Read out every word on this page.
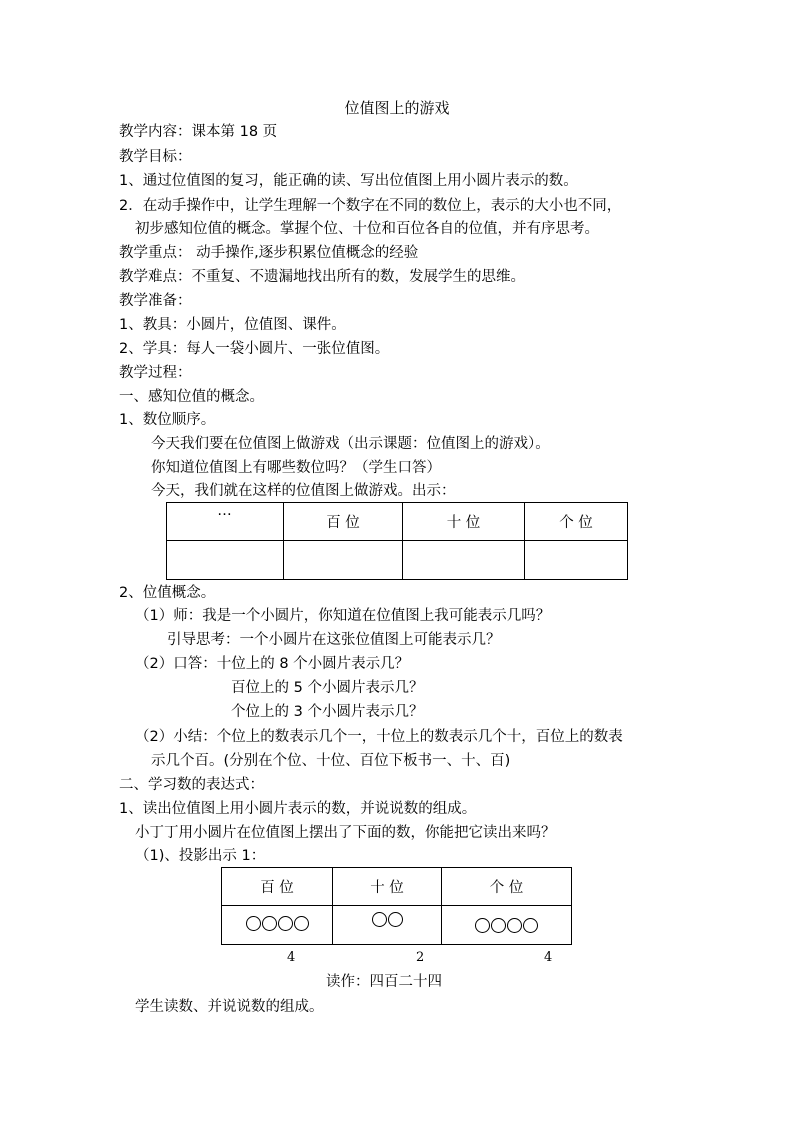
位值图上的游戏
教学内容：课本第 18 页
教学目标：
1、通过位值图的复习，能正确的读、写出位值图上用小圆片表示的数。
2．在动手操作中，让学生理解一个数字在不同的数位上，表示的大小也不同，
初步感知位值的概念。掌握个位、十位和百位各自的位值，并有序思考。
教学重点： 动手操作,逐步积累位值概念的经验
教学难点：不重复、不遗漏地找出所有的数，发展学生的思维。
教学准备：
1、教具：小圆片，位值图、课件。
2、学具：每人一袋小圆片、一张位值图。
教学过程：
一、感知位值的概念。
1、数位顺序。
今天我们要在位值图上做游戏（出示课题：位值图上的游戏）。
你知道位值图上有哪些数位吗？（学生口答）
今天，我们就在这样的位值图上做游戏。出示：
…	百 位	十 位	个 位

2、位值概念。
（1）师：我是一个小圆片，你知道在位值图上我可能表示几吗？
引导思考：一个小圆片在这张位值图上可能表示几？
（2）口答：十位上的 8 个小圆片表示几？
百位上的 5 个小圆片表示几？
个位上的 3 个小圆片表示几？
（2）小结：个位上的数表示几个一，十位上的数表示几个十，百位上的数表
示几个百。(分别在个位、十位、百位下板书一、十、百)
二、学习数的表达式：
1、读出位值图上用小圆片表示的数，并说说数的组成。
小丁丁用小圆片在位值图上摆出了下面的数，你能把它读出来吗？
（1)、投影出示 1：
百 位	十 位	个 位

4	2	4
读作：四百二十四
学生读数、并说说数的组成。
